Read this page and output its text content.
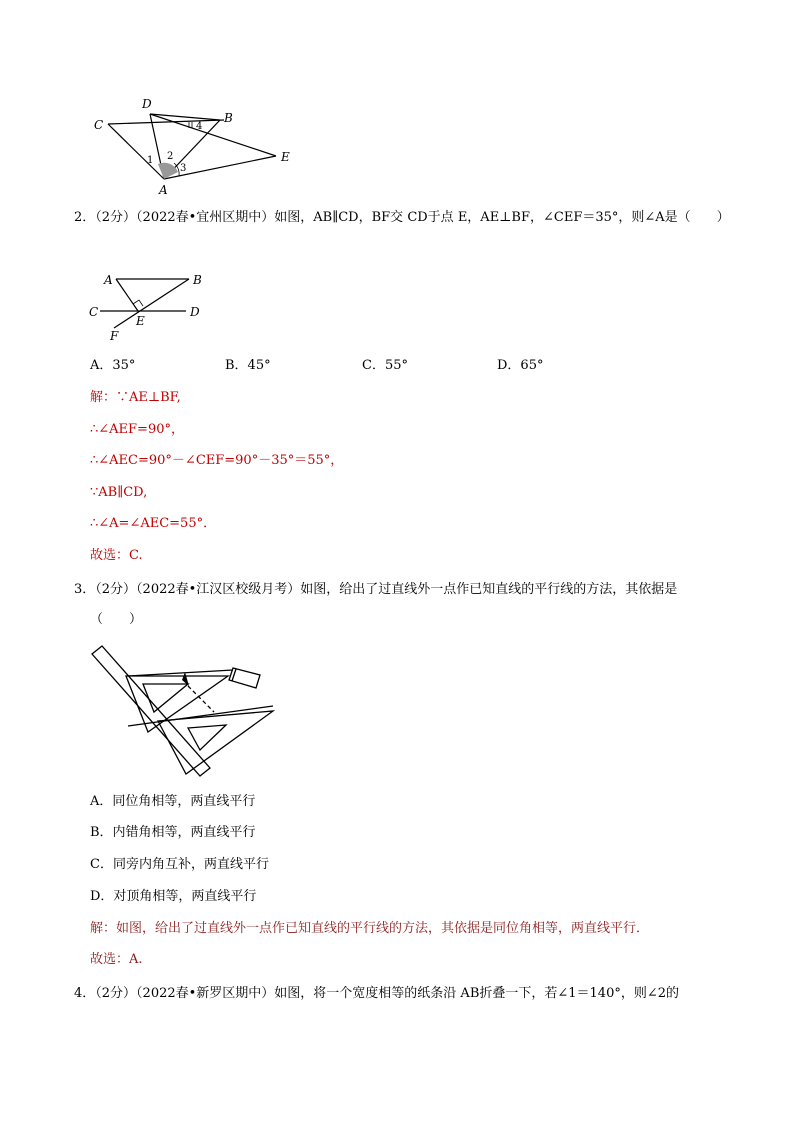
D
B
C
E
A
1 2
3
4
2．（2分）（2022春•宜州区期中）如图，AB∥CD，BF交 CD于点 E，AE⊥BF，∠CEF＝35°，则∠A是（　　）
A	B
C	D
E
F
A．35°	B．45°	C．55°	D．65°
解：∵AE⊥BF,
∴∠AEF=90°，
∴∠AEC=90°－∠CEF=90°－35°＝55°，
∵AB∥CD,
∴∠A=∠AEC=55°．
故选：C.
3．（2分）（2022春•江汉区校级月考）如图，给出了过直线外一点作已知直线的平行线的方法，其依据是
（　　）
A．同位角相等，两直线平行
B．内错角相等，两直线平行
C．同旁内角互补，两直线平行
D．对顶角相等，两直线平行
解：如图，给出了过直线外一点作已知直线的平行线的方法，其依据是同位角相等，两直线平行．
故选：A.
4．（2分）（2022春•新罗区期中）如图，将一个宽度相等的纸条沿 AB折叠一下，若∠1＝140°，则∠2的
